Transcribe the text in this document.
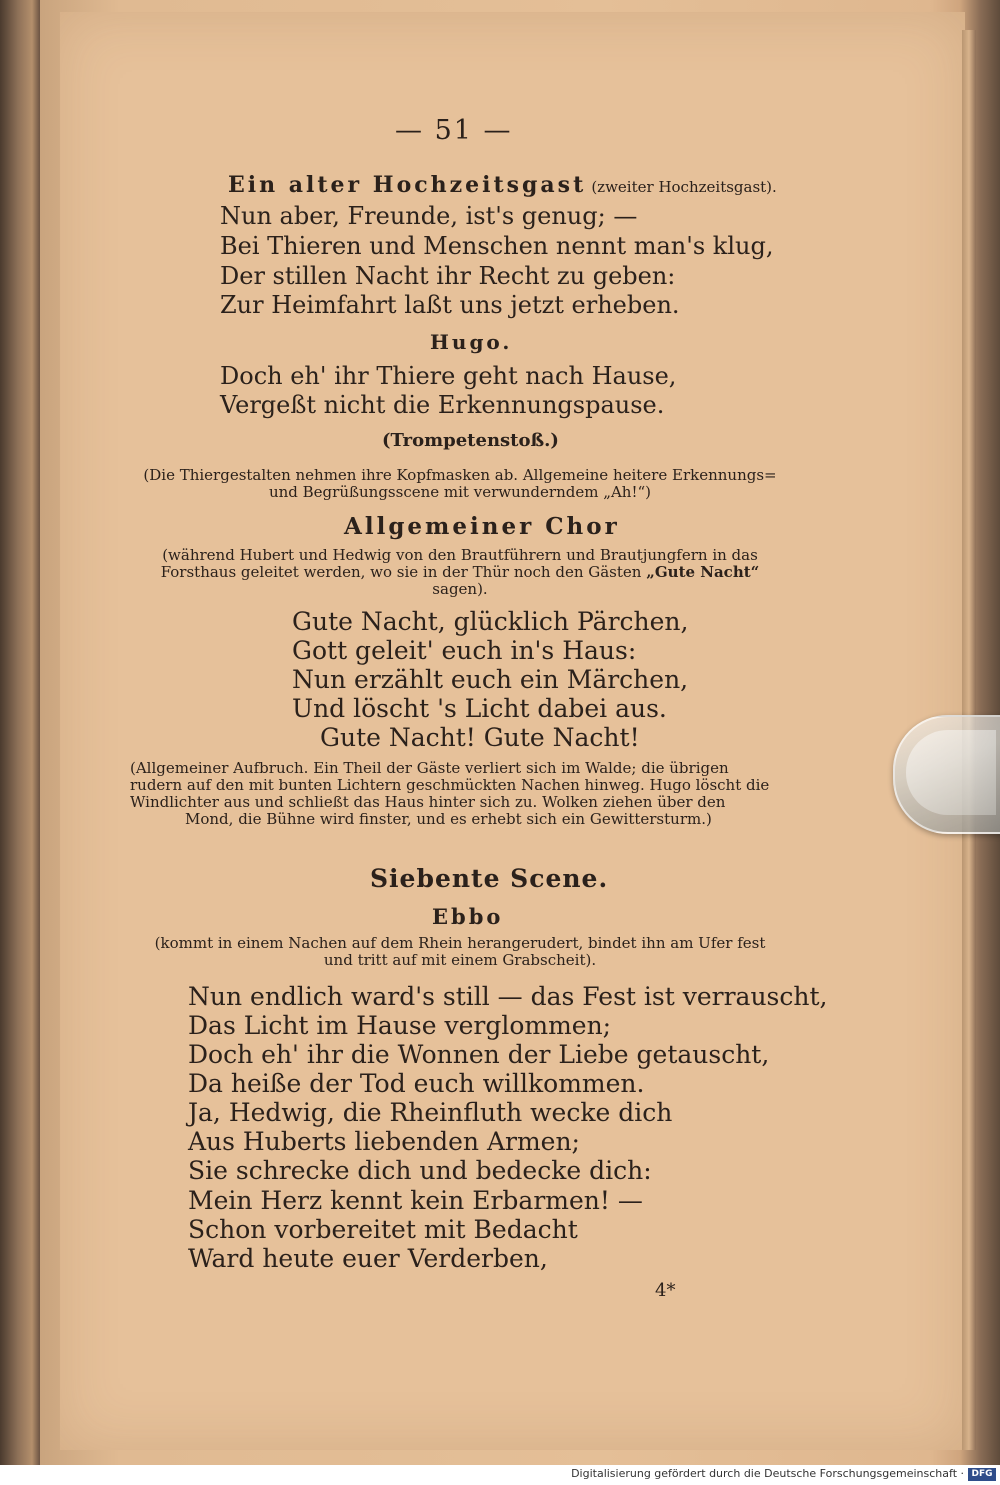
— 51 —
Ein alter Hochzeitsgast (zweiter Hochzeitsgast).
Nun aber, Freunde, ist's genug; —
Bei Thieren und Menschen nennt man's klug,
Der stillen Nacht ihr Recht zu geben:
Zur Heimfahrt laßt uns jetzt erheben.
Hugo.
Doch eh' ihr Thiere geht nach Hause,
Vergeßt nicht die Erkennungspause.
(Trompetenstoß.)
(Die Thiergestalten nehmen ihre Kopfmasken ab. Allgemeine heitere Erkennungs=
und Begrüßungsscene mit verwunderndem „Ah!“)
Allgemeiner Chor
(während Hubert und Hedwig von den Brautführern und Brautjungfern in das
Forsthaus geleitet werden, wo sie in der Thür noch den Gästen „Gute Nacht“
sagen).
Gute Nacht, glücklich Pärchen,
Gott geleit' euch in's Haus:
Nun erzählt euch ein Märchen,
Und löscht 's Licht dabei aus.
Gute Nacht! Gute Nacht!
(Allgemeiner Aufbruch. Ein Theil der Gäste verliert sich im Walde; die übrigen
rudern auf den mit bunten Lichtern geschmückten Nachen hinweg. Hugo löscht die
Windlichter aus und schließt das Haus hinter sich zu. Wolken ziehen über den
Mond, die Bühne wird finster, und es erhebt sich ein Gewittersturm.)
Siebente Scene.
Ebbo
(kommt in einem Nachen auf dem Rhein herangerudert, bindet ihn am Ufer fest
und tritt auf mit einem Grabscheit).
Nun endlich ward's still — das Fest ist verrauscht,
Das Licht im Hause verglommen;
Doch eh' ihr die Wonnen der Liebe getauscht,
Da heiße der Tod euch willkommen.
Ja, Hedwig, die Rheinfluth wecke dich
Aus Huberts liebenden Armen;
Sie schrecke dich und bedecke dich:
Mein Herz kennt kein Erbarmen! —
Schon vorbereitet mit Bedacht
Ward heute euer Verderben,
4*
Digitalisierung gefördert durch die Deutsche Forschungsgemeinschaft · DFG
